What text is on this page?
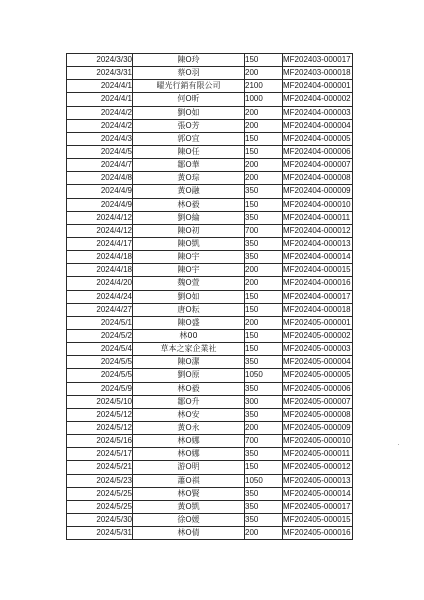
2024/3/30	陳O玲	150	MF202403-000017
2024/3/31	蔡O羽	200	MF202403-000018
2024/4/1	曜光行銷有限公司	2100	MF202404-000001
2024/4/1	何O昕	1000	MF202404-000002
2024/4/2	劉O如	200	MF202404-000003
2024/4/2	張O芳	200	MF202404-000004
2024/4/3	郭O宜	150	MF202404-000005
2024/4/5	陳O任	150	MF202404-000006
2024/4/7	鄒O華	200	MF202404-000007
2024/4/8	黃O琮	200	MF202404-000008
2024/4/9	黃O融	350	MF202404-000009
2024/4/9	林O毅	150	MF202404-000010
2024/4/12	劉O綸	350	MF202404-000011
2024/4/12	陳O初	700	MF202404-000012
2024/4/17	陳O凱	350	MF202404-000013
2024/4/18	陳O宇	350	MF202404-000014
2024/4/18	陳O宇	200	MF202404-000015
2024/4/20	魏O萱	200	MF202404-000016
2024/4/24	劉O如	150	MF202404-000017
2024/4/27	唐O耘	150	MF202404-000018
2024/5/1	陳O盛	200	MF202405-000001
2024/5/2	林00	150	MF202405-000002
2024/5/4	草本之家企業社	150	MF202405-000003
2024/5/5	陳O潔	350	MF202405-000004
2024/5/5	劉O原	1050	MF202405-000005
2024/5/9	林O毅	350	MF202405-000006
2024/5/10	鄒O升	300	MF202405-000007
2024/5/12	林O安	350	MF202405-000008
2024/5/12	黃O永	200	MF202405-000009
2024/5/16	林O娜	700	MF202405-000010
2024/5/17	林O娜	350	MF202405-000011
2024/5/21	游O明	150	MF202405-000012
2024/5/23	蕭O祺	1050	MF202405-000013
2024/5/25	林O賢	350	MF202405-000014
2024/5/25	黃O凱	350	MF202405-000017
2024/5/30	徐O媛	350	MF202405-000015
2024/5/31	林O倩	200	MF202405-000016
